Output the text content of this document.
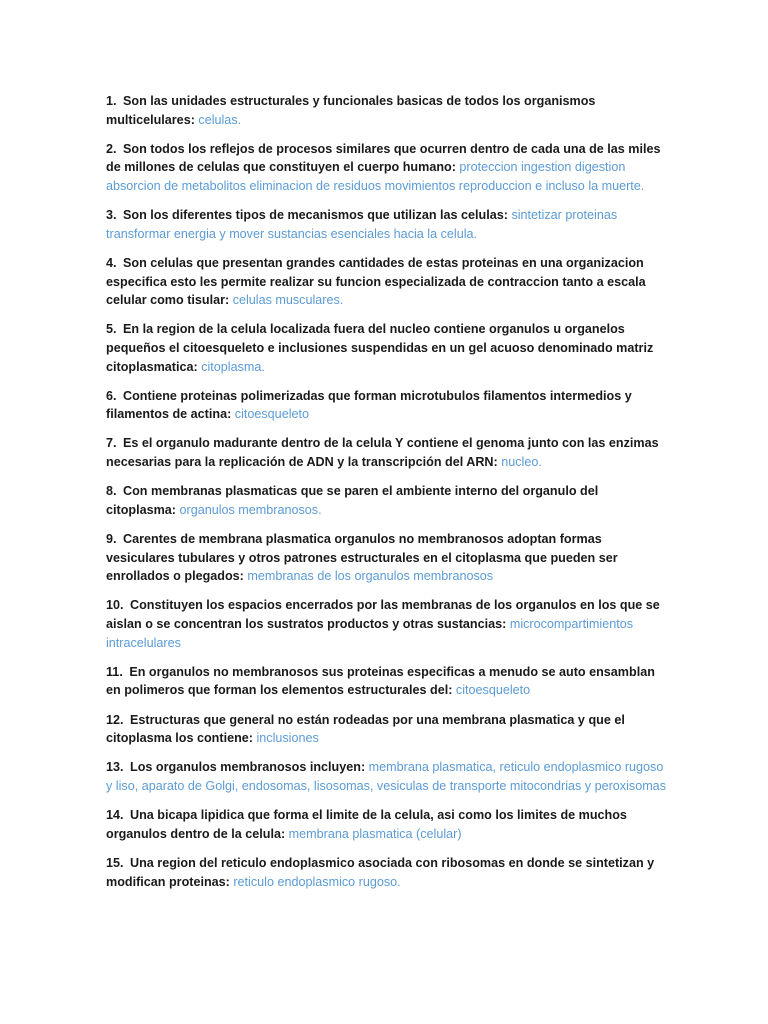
1. Son las unidades estructurales y funcionales basicas de todos los organismos multicelulares: celulas.

2. Son todos los reflejos de procesos similares que ocurren dentro de cada una de las miles de millones de celulas que constituyen el cuerpo humano: proteccion ingestion digestion absorcion de metabolitos eliminacion de residuos movimientos reproduccion e incluso la muerte.

3. Son los diferentes tipos de mecanismos que utilizan las celulas: sintetizar proteinas transformar energia y mover sustancias esenciales hacia la celula.

4. Son celulas que presentan grandes cantidades de estas proteinas en una organizacion especifica esto les permite realizar su funcion especializada de contraccion tanto a escala celular como tisular: celulas musculares.

5. En la region de la celula localizada fuera del nucleo contiene organulos u organelos pequeños el citoesqueleto e inclusiones suspendidas en un gel acuoso denominado matriz citoplasmatica: citoplasma.

6. Contiene proteinas polimerizadas que forman microtubulos filamentos intermedios y filamentos de actina: citoesqueleto

7. Es el organulo madurante dentro de la celula Y contiene el genoma junto con las enzimas necesarias para la replicación de ADN y la transcripción del ARN: nucleo.

8. Con membranas plasmaticas que se paren el ambiente interno del organulo del citoplasma: organulos membranosos.

9. Carentes de membrana plasmatica organulos no membranosos adoptan formas vesiculares tubulares y otros patrones estructurales en el citoplasma que pueden ser enrollados o plegados: membranas de los organulos membranosos

10. Constituyen los espacios encerrados por las membranas de los organulos en los que se aislan o se concentran los sustratos productos y otras sustancias: microcompartimientos intracelulares

11. En organulos no membranosos sus proteinas especificas a menudo se auto ensamblan en polimeros que forman los elementos estructurales del: citoesqueleto

12. Estructuras que general no están rodeadas por una membrana plasmatica y que el citoplasma los contiene: inclusiones

13. Los organulos membranosos incluyen: membrana plasmatica, reticulo endoplasmico rugoso y liso, aparato de Golgi, endosomas, lisosomas, vesiculas de transporte mitocondrias y peroxisomas

14. Una bicapa lipidica que forma el limite de la celula, asi como los limites de muchos organulos dentro de la celula: membrana plasmatica (celular)

15. Una region del reticulo endoplasmico asociada con ribosomas en donde se sintetizan y modifican proteinas: reticulo endoplasmico rugoso.
